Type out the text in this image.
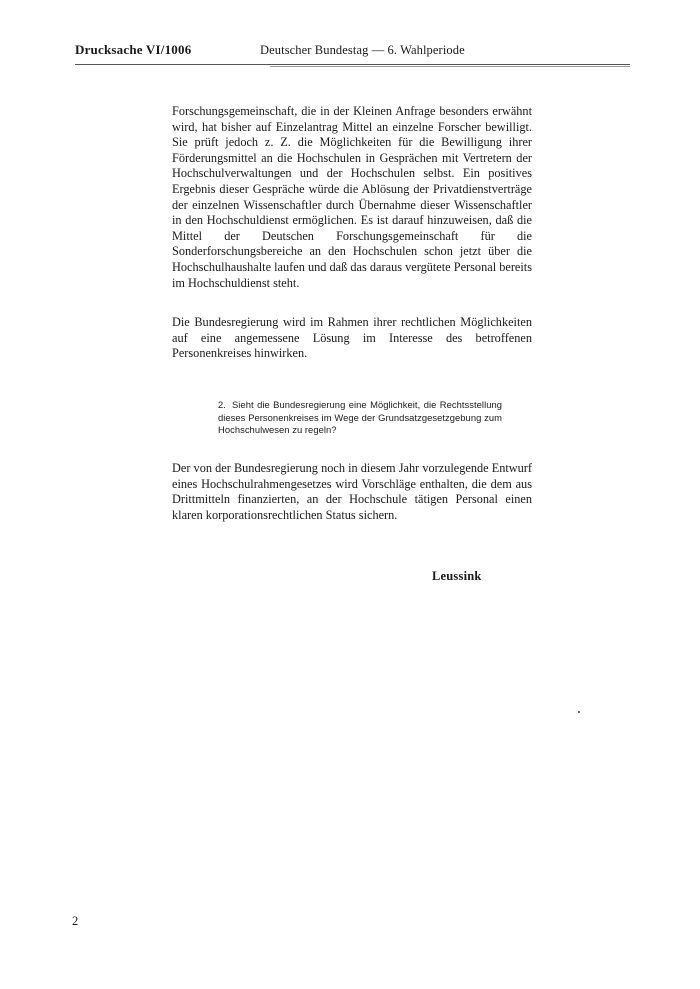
Drucksache VI/1006	Deutscher Bundestag — 6. Wahlperiode

Forschungsgemeinschaft, die in der Kleinen Anfrage besonders erwähnt wird, hat bisher auf Einzelantrag Mittel an einzelne Forscher bewilligt. Sie prüft jedoch z. Z. die Möglichkeiten für die Bewilligung ihrer Förderungsmittel an die Hochschulen in Gesprächen mit Vertretern der Hochschulverwaltungen und der Hochschulen selbst. Ein positives Ergebnis dieser Gespräche würde die Ablösung der Privatdienstverträge der einzelnen Wissenschaftler durch Übernahme dieser Wissenschaftler in den Hochschuldienst ermöglichen. Es ist darauf hinzuweisen, daß die Mittel der Deutschen Forschungsgemeinschaft für die Sonderforschungsbereiche an den Hochschulen schon jetzt über die Hochschulhaushalte laufen und daß das daraus vergütete Personal bereits im Hochschuldienst steht.

Die Bundesregierung wird im Rahmen ihrer rechtlichen Möglichkeiten auf eine angemessene Lösung im Interesse des betroffenen Personenkreises hinwirken.

2. Sieht die Bundesregierung eine Möglichkeit, die Rechtsstellung dieses Personenkreises im Wege der Grundsatzgesetzgebung zum Hochschulwesen zu regeln?

Der von der Bundesregierung noch in diesem Jahr vorzulegende Entwurf eines Hochschulrahmengesetzes wird Vorschläge enthalten, die dem aus Drittmitteln finanzierten, an der Hochschule tätigen Personal einen klaren korporationsrechtlichen Status sichern.

Leussink
2
